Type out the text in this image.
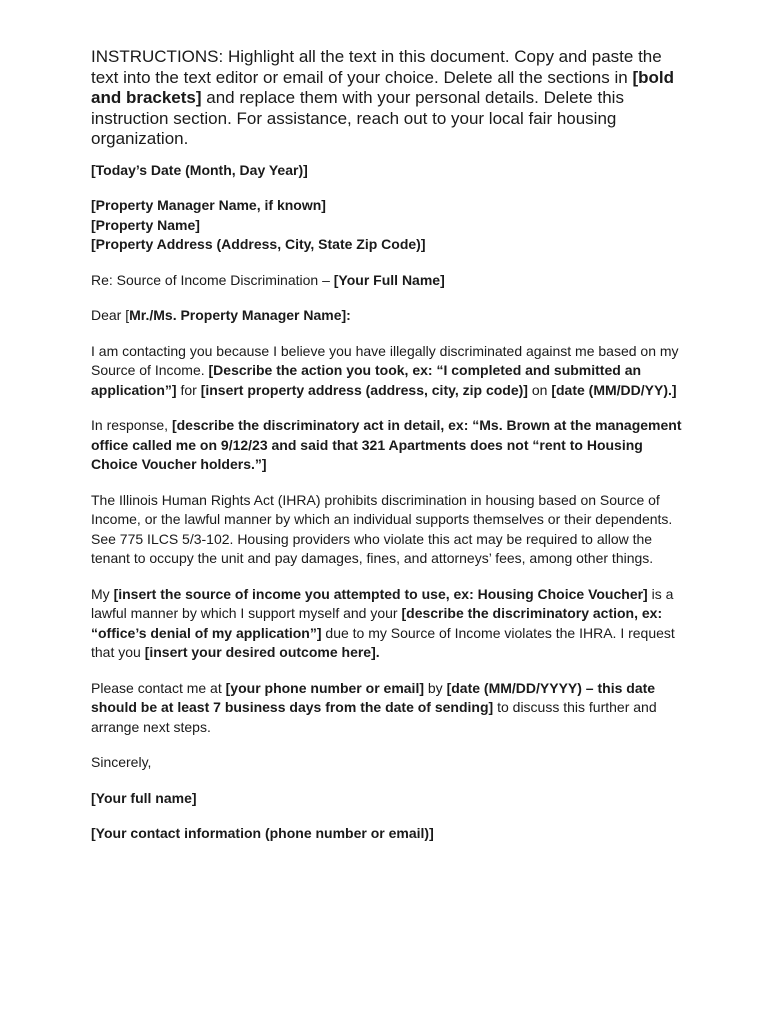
INSTRUCTIONS: Highlight all the text in this document. Copy and paste the text into the text editor or email of your choice. Delete all the sections in [bold and brackets] and replace them with your personal details. Delete this instruction section. For assistance, reach out to your local fair housing organization.

[Today’s Date (Month, Day Year)]

[Property Manager Name, if known]
[Property Name]
[Property Address (Address, City, State Zip Code)]

Re: Source of Income Discrimination – [Your Full Name]

Dear [Mr./Ms. Property Manager Name]:

I am contacting you because I believe you have illegally discriminated against me based on my Source of Income. [Describe the action you took, ex: “I completed and submitted an application”] for [insert property address (address, city, zip code)] on [date (MM/DD/YY).]

In response, [describe the discriminatory act in detail, ex: “Ms. Brown at the management office called me on 9/12/23 and said that 321 Apartments does not “rent to Housing Choice Voucher holders.”]

The Illinois Human Rights Act (IHRA) prohibits discrimination in housing based on Source of Income, or the lawful manner by which an individual supports themselves or their dependents. See 775 ILCS 5/3-102. Housing providers who violate this act may be required to allow the tenant to occupy the unit and pay damages, fines, and attorneys’ fees, among other things.

My [insert the source of income you attempted to use, ex: Housing Choice Voucher] is a lawful manner by which I support myself and your [describe the discriminatory action, ex: “office’s denial of my application”] due to my Source of Income violates the IHRA. I request that you [insert your desired outcome here].

Please contact me at [your phone number or email] by [date (MM/DD/YYYY) – this date should be at least 7 business days from the date of sending] to discuss this further and arrange next steps.

Sincerely,

[Your full name]

[Your contact information (phone number or email)]
